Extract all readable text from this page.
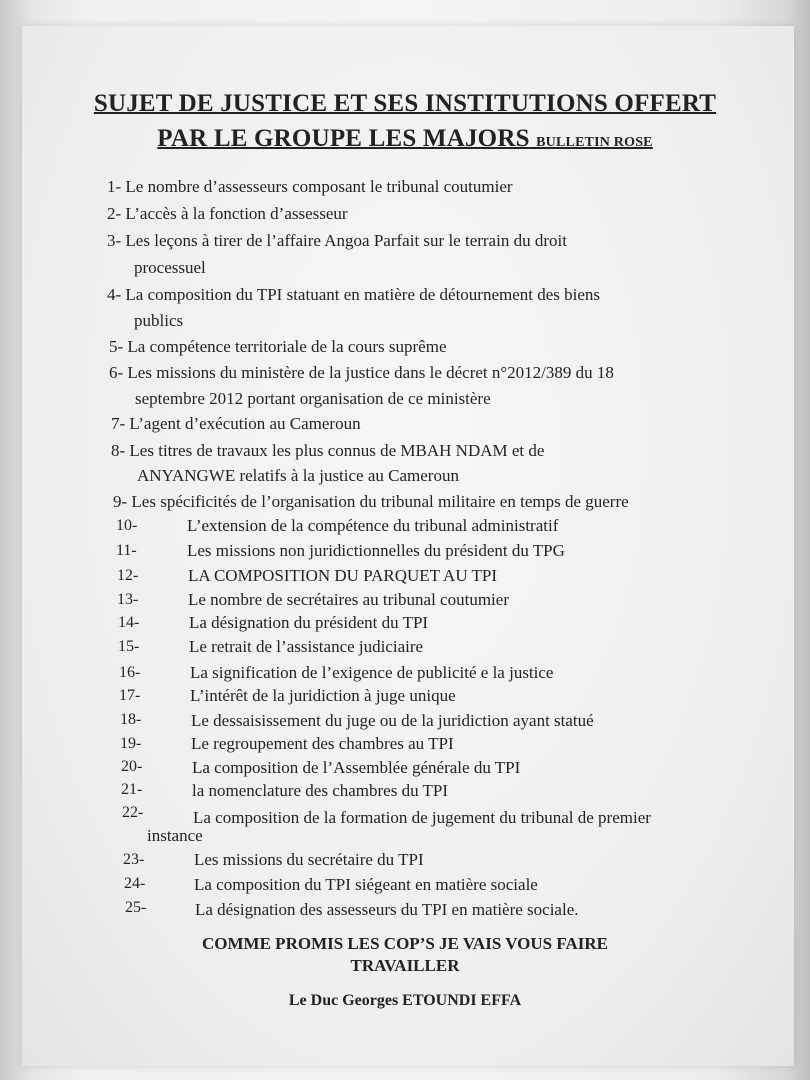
SUJET DE JUSTICE ET SES INSTITUTIONS OFFERT
PAR LE GROUPE LES MAJORS BULLETIN ROSE
1- Le nombre d’assesseurs composant le tribunal coutumier
2- L’accès à la fonction d’assesseur
3- Les leçons à tirer de l’affaire Angoa Parfait sur le terrain du droit
processuel
4- La composition du TPI statuant en matière de détournement des biens
publics
5- La compétence territoriale de la cours suprême
6- Les missions du ministère de la justice dans le décret n°2012/389 du 18
septembre 2012 portant organisation de ce ministère
7- L’agent d’exécution au Cameroun
8- Les titres de travaux les plus connus de MBAH NDAM et de
ANYANGWE relatifs à la justice au Cameroun
9- Les spécificités de l’organisation du tribunal militaire en temps de guerre
10-	L’extension de la compétence du tribunal administratif
11-	Les missions non juridictionnelles du président du TPG
12-	LA COMPOSITION DU PARQUET AU TPI
13-	Le nombre de secrétaires au tribunal coutumier
14-	La désignation du président du TPI
15-	Le retrait de l’assistance judiciaire
16-	La signification de l’exigence de publicité e la justice
17-	L’intérêt de la juridiction à juge unique
18-	Le dessaisissement du juge ou de la juridiction ayant statué
19-	Le regroupement des chambres au TPI
20-	La composition de l’Assemblée générale du TPI
21-	la nomenclature des chambres du TPI
22-	La composition de la formation de jugement du tribunal de premier
instance
23-	Les missions du secrétaire du TPI
24-	La composition du TPI siégeant en matière sociale
25-	La désignation des assesseurs du TPI en matière sociale.
COMME PROMIS LES COP’S JE VAIS VOUS FAIRE
TRAVAILLER
Le Duc Georges ETOUNDI EFFA
